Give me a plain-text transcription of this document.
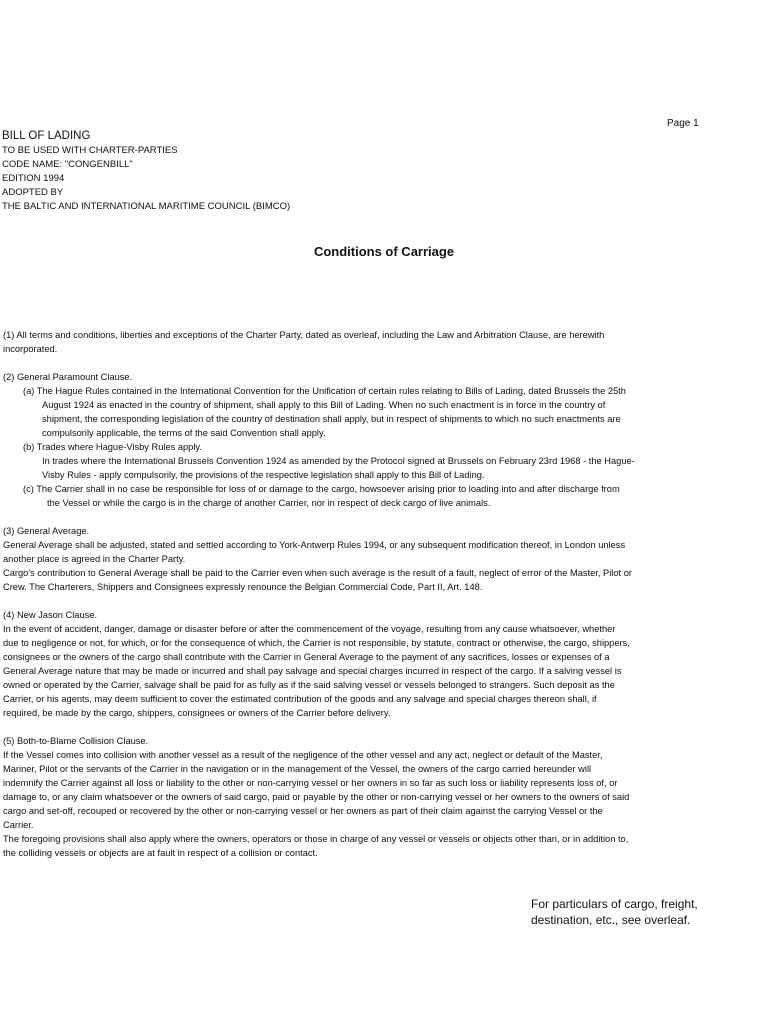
Page 1
BILL OF LADING
TO BE USED WITH CHARTER-PARTIES
CODE NAME: "CONGENBILL"
EDITION 1994
ADOPTED BY
THE BALTIC AND INTERNATIONAL MARITIME COUNCIL (BIMCO)
Conditions of Carriage

(1) All terms and conditions, liberties and exceptions of the Charter Party, dated as overleaf, including the Law and Arbitration Clause, are herewith

incorporated.

(2) General Paramount Clause.

(a) The Hague Rules contained in the International Convention for the Unification of certain rules relating to Bills of Lading, dated Brussels the 25th

August 1924 as enacted in the country of shipment, shall apply to this Bill of Lading. When no such enactment is in force in the country of

shipment, the corresponding legislation of the country of destination shall apply, but in respect of shipments to which no such enactments are

compulsorily applicable, the terms of the said Convention shall apply.

(b) Trades where Hague-Visby Rules apply.

In trades where the International Brussels Convention 1924 as amended by the Protocol signed at Brussels on February 23rd 1968 - the Hague-

Visby Rules - apply compulsorily, the provisions of the respective legislation shall apply to this Bill of Lading.

(c) The Carrier shall in no case be responsible for loss of or damage to the cargo, howsoever arising prior to loading into and after discharge from

the Vessel or while the cargo is in the charge of another Carrier, nor in respect of deck cargo of live animals.

(3) General Average.

General Average shall be adjusted, stated and settled according to York-Antwerp Rules 1994, or any subsequent modification thereof, in London unless

another place is agreed in the Charter Party.

Cargo's contribution to General Average shall be paid to the Carrier even when such average is the result of a fault, neglect of error of the Master, Pilot or

Crew. The Charterers, Shippers and Consignees expressly renounce the Belgian Commercial Code, Part II, Art. 148.

(4) New Jason Clause.

In the event of accident, danger, damage or disaster before or after the commencement of the voyage, resulting from any cause whatsoever, whether

due to negligence or not, for which, or for the consequence of which, the Carrier is not responsible, by statute, contract or otherwise, the cargo, shippers,

consignees or the owners of the cargo shall contribute with the Carrier in General Average to the payment of any sacrifices, losses or expenses of a

General Average nature that may be made or incurred and shall pay salvage and special charges incurred in respect of the cargo. If a salving vessel is

owned or operated by the Carrier, salvage shall be paid for as fully as if the said salving vessel or vessels belonged to strangers. Such deposit as the

Carrier, or his agents, may deem sufficient to cover the estimated contribution of the goods and any salvage and special charges thereon shall, if

required, be made by the cargo, shippers, consignees or owners of the Carrier before delivery.

(5) Both-to-Blame Collision Clause.

If the Vessel comes into collision with another vessel as a result of the negligence of the other vessel and any act, neglect or default of the Master,

Mariner, Pilot or the servants of the Carrier in the navigation or in the management of the Vessel, the owners of the cargo carried hereunder will

indemnify the Carrier against all loss or liability to the other or non-carrying vessel or her owners in so far as such loss or liability represents loss of, or

damage to, or any claim whatsoever or the owners of said cargo, paid or payable by the other or non-carrying vessel or her owners to the owners of said

cargo and set-off, recouped or recovered by the other or non-carrying vessel or her owners as part of their claim against the carrying Vessel or the

Carrier.

The foregoing provisions shall also apply where the owners, operators or those in charge of any vessel or vessels or objects other than, or in addition to,

the colliding vessels or objects are at fault in respect of a collision or contact.

For particulars of cargo, freight,
destination, etc., see overleaf.
